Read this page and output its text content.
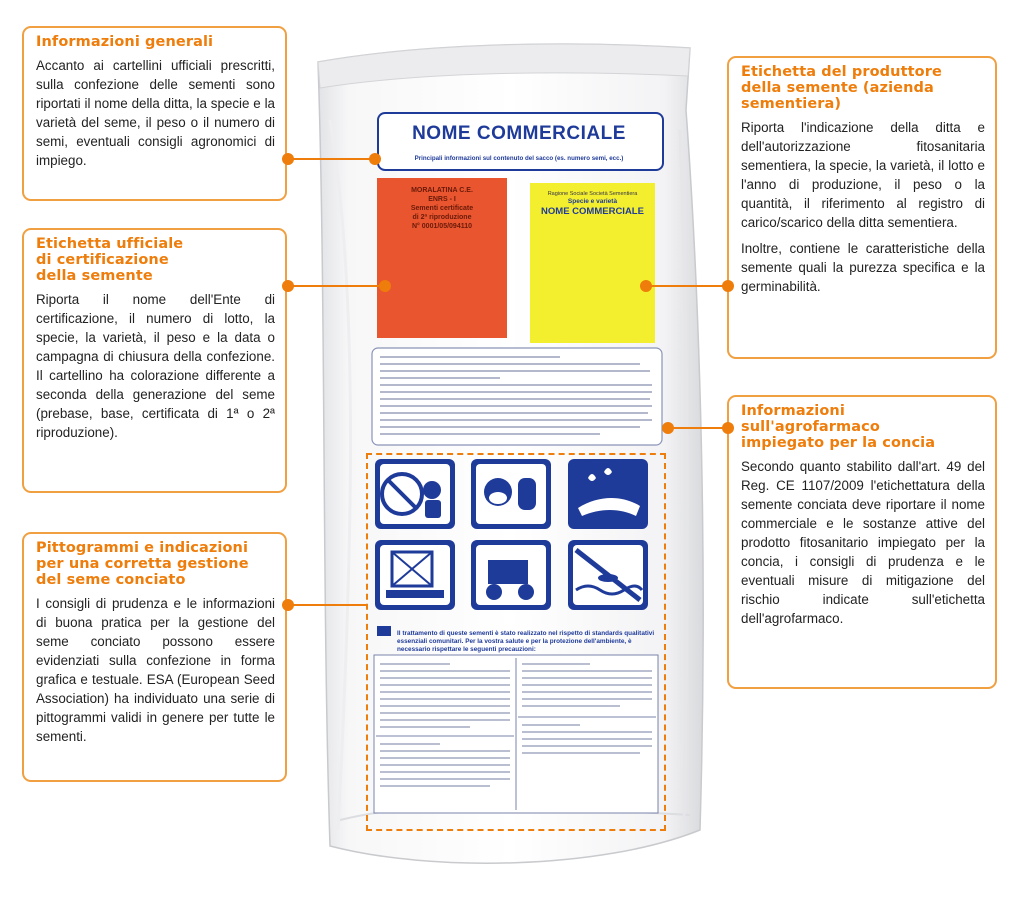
NOME COMMERCIALE
Principali informazioni sul contenuto del sacco (es. numero semi, ecc.)
MORALATINA C.E.
ENRS - I
Sementi certificate
di 2ª riproduzione
N° 0001/05/094110
Ragione Sociale Società Sementiera
Specie e varietà
NOME COMMERCIALE
Il trattamento di queste sementi è stato realizzato nel rispetto di standards qualitativi essenziali comunitari. Per la vostra salute e per la protezione dell'ambiente, è necessario rispettare le seguenti precauzioni:
Informazioni generali

Accanto ai cartellini ufficiali prescritti, sulla confezione delle sementi sono riportati il nome della ditta, la specie e la varietà del seme, il peso o il numero di semi, eventuali consigli agronomici di impiego.

Etichetta ufficiale
di certificazione
della semente

Riporta il nome dell'Ente di certificazione, il numero di lotto, la specie, la varietà, il peso e la data o campagna di chiusura della confezione. Il cartellino ha colorazione differente a seconda della generazione del seme (prebase, base, certificata di 1ª o 2ª riproduzione).

Pittogrammi e indicazioni
per una corretta gestione
del seme conciato

I consigli di prudenza e le informazioni di buona pratica per la gestione del seme conciato possono essere evidenziati sulla confezione in forma grafica e testuale. ESA (European Seed Association) ha individuato una serie di pittogrammi validi in genere per tutte le sementi.

Etichetta del produttore
della semente (azienda
sementiera)

Riporta l'indicazione della ditta e dell'autorizzazione fitosanitaria sementiera, la specie, la varietà, il lotto e l'anno di produzione, il peso o la quantità, il riferimento al registro di carico/scarico della ditta sementiera.

Inoltre, contiene le caratteristiche della semente quali la purezza specifica e la germinabilità.

Informazioni
sull'agrofarmaco
impiegato per la concia

Secondo quanto stabilito dall'art. 49 del Reg. CE 1107/2009 l'etichettatura della semente conciata deve riportare il nome commerciale e le sostanze attive del prodotto fitosanitario impiegato per la concia, i consigli di prudenza e le eventuali misure di mitigazione del rischio indicate sull'etichetta dell'agrofarmaco.
